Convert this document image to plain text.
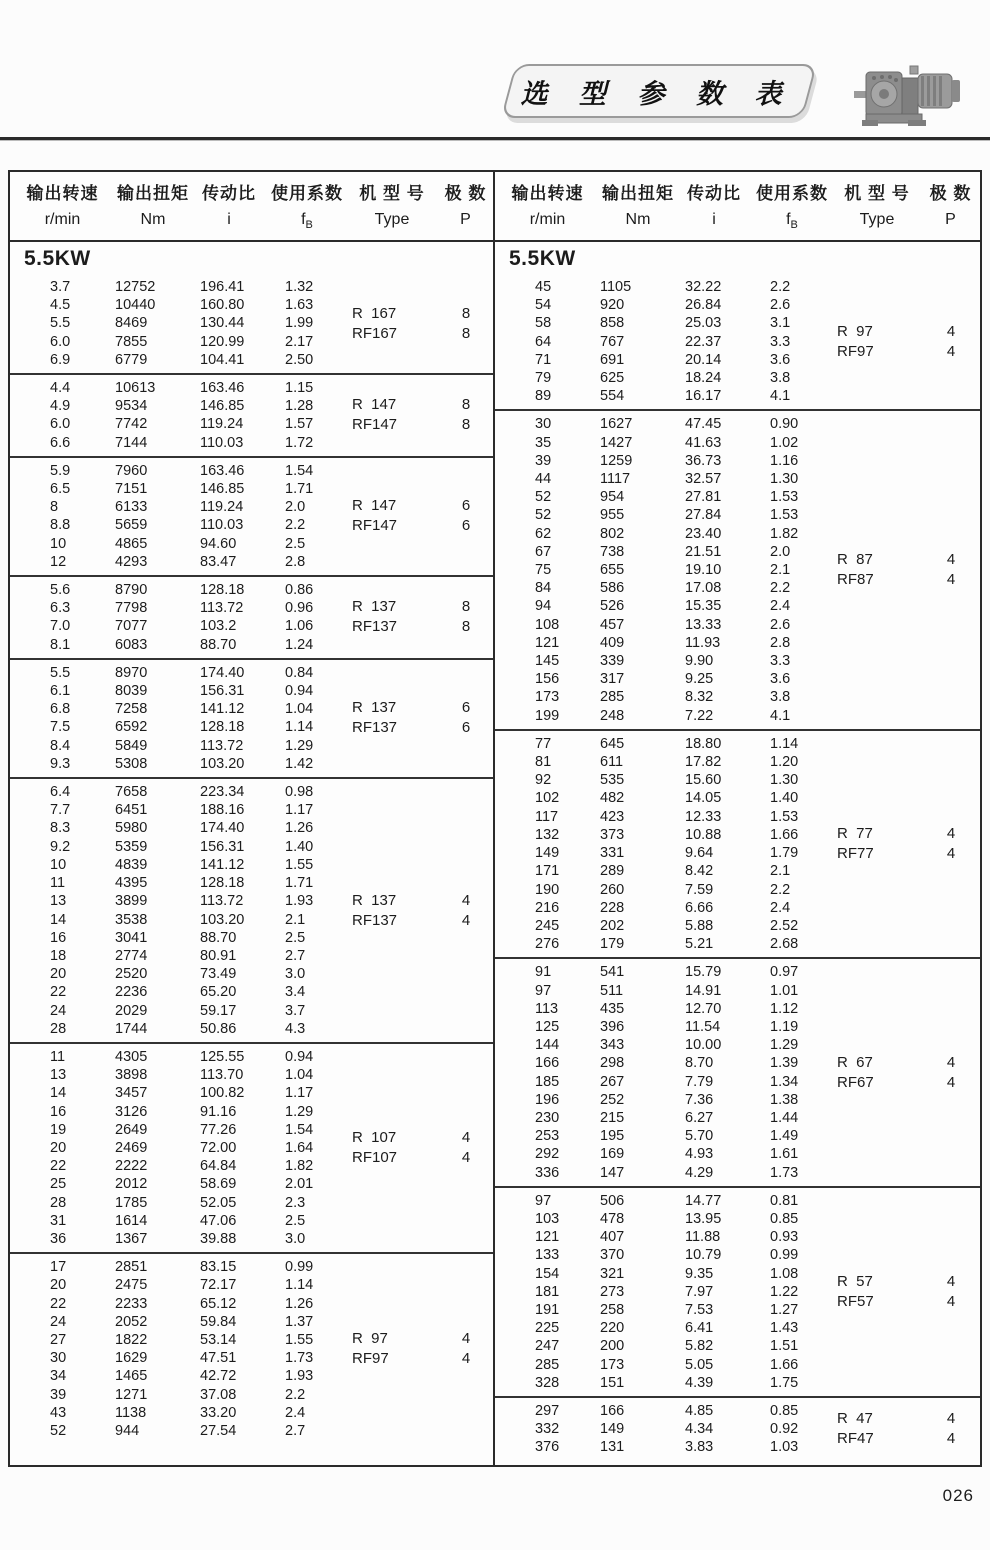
选 型 参 数 表
输出转速	输出扭矩 传动比 使用系数 机 型 号	极 数
r/min	Nm	i	$f_B$	Type	P
5.5KW
3.7	12752	196.41	1.32
4.5	10440	160.80	1.63
5.5	8469	130.44	1.99
6.0	7855	120.99	2.17
6.9	6779	104.41	2.50
R  167	8
RF167	8
4.4	10613	163.46	1.15
4.9	9534	146.85	1.28
6.0	7742	119.24	1.57
6.6	7144	110.03	1.72
R  147	8
RF147	8
5.9	7960	163.46	1.54
6.5	7151	146.85	1.71
8	6133	119.24	2.0
8.8	5659	110.03	2.2
10	4865	94.60	2.5
12	4293	83.47	2.8
R  147	6
RF147	6
5.6	8790	128.18	0.86
6.3	7798	113.72	0.96
7.0	7077	103.2	1.06
8.1	6083	88.70	1.24
R  137	8
RF137	8
5.5	8970	174.40	0.84
6.1	8039	156.31	0.94
6.8	7258	141.12	1.04
7.5	6592	128.18	1.14
8.4	5849	113.72	1.29
9.3	5308	103.20	1.42
R  137	6
RF137	6
6.4	7658	223.34	0.98
7.7	6451	188.16	1.17
8.3	5980	174.40	1.26
9.2	5359	156.31	1.40
10	4839	141.12	1.55
11	4395	128.18	1.71
13	3899	113.72	1.93
14	3538	103.20	2.1
16	3041	88.70	2.5
18	2774	80.91	2.7
20	2520	73.49	3.0
22	2236	65.20	3.4
24	2029	59.17	3.7
28	1744	50.86	4.3
R  137	4
RF137	4
11	4305	125.55	0.94
13	3898	113.70	1.04
14	3457	100.82	1.17
16	3126	91.16	1.29
19	2649	77.26	1.54
20	2469	72.00	1.64
22	2222	64.84	1.82
25	2012	58.69	2.01
28	1785	52.05	2.3
31	1614	47.06	2.5
36	1367	39.88	3.0
R  107	4
RF107	4
17	2851	83.15	0.99
20	2475	72.17	1.14
22	2233	65.12	1.26
24	2052	59.84	1.37
27	1822	53.14	1.55
30	1629	47.51	1.73
34	1465	42.72	1.93
39	1271	37.08	2.2
43	1138	33.20	2.4
52	944	27.54	2.7
R  97	4
RF97	4
输出转速	输出扭矩 传动比 使用系数 机 型 号	极 数
r/min	Nm	i	$f_B$	Type	P
5.5KW
45	1105	32.22	2.2
54	920	26.84	2.6
58	858	25.03	3.1
64	767	22.37	3.3
71	691	20.14	3.6
79	625	18.24	3.8
89	554	16.17	4.1
R  97	4
RF97	4
30	1627	47.45	0.90
35	1427	41.63	1.02
39	1259	36.73	1.16
44	1117	32.57	1.30
52	954	27.81	1.53
52	955	27.84	1.53
62	802	23.40	1.82
67	738	21.51	2.0
75	655	19.10	2.1
84	586	17.08	2.2
94	526	15.35	2.4
108	457	13.33	2.6
121	409	11.93	2.8
145	339	9.90	3.3
156	317	9.25	3.6
173	285	8.32	3.8
199	248	7.22	4.1
R  87	4
RF87	4
77	645	18.80	1.14
81	611	17.82	1.20
92	535	15.60	1.30
102	482	14.05	1.40
117	423	12.33	1.53
132	373	10.88	1.66
149	331	9.64	1.79
171	289	8.42	2.1
190	260	7.59	2.2
216	228	6.66	2.4
245	202	5.88	2.52
276	179	5.21	2.68
R  77	4
RF77	4
91	541	15.79	0.97
97	511	14.91	1.01
113	435	12.70	1.12
125	396	11.54	1.19
144	343	10.00	1.29
166	298	8.70	1.39
185	267	7.79	1.34
196	252	7.36	1.38
230	215	6.27	1.44
253	195	5.70	1.49
292	169	4.93	1.61
336	147	4.29	1.73
R  67	4
RF67	4
97	506	14.77	0.81
103	478	13.95	0.85
121	407	11.88	0.93
133	370	10.79	0.99
154	321	9.35	1.08
181	273	7.97	1.22
191	258	7.53	1.27
225	220	6.41	1.43
247	200	5.82	1.51
285	173	5.05	1.66
328	151	4.39	1.75
R  57	4
RF57	4
297	166	4.85	0.85
332	149	4.34	0.92
376	131	3.83	1.03
R  47	4
RF47	4
026
